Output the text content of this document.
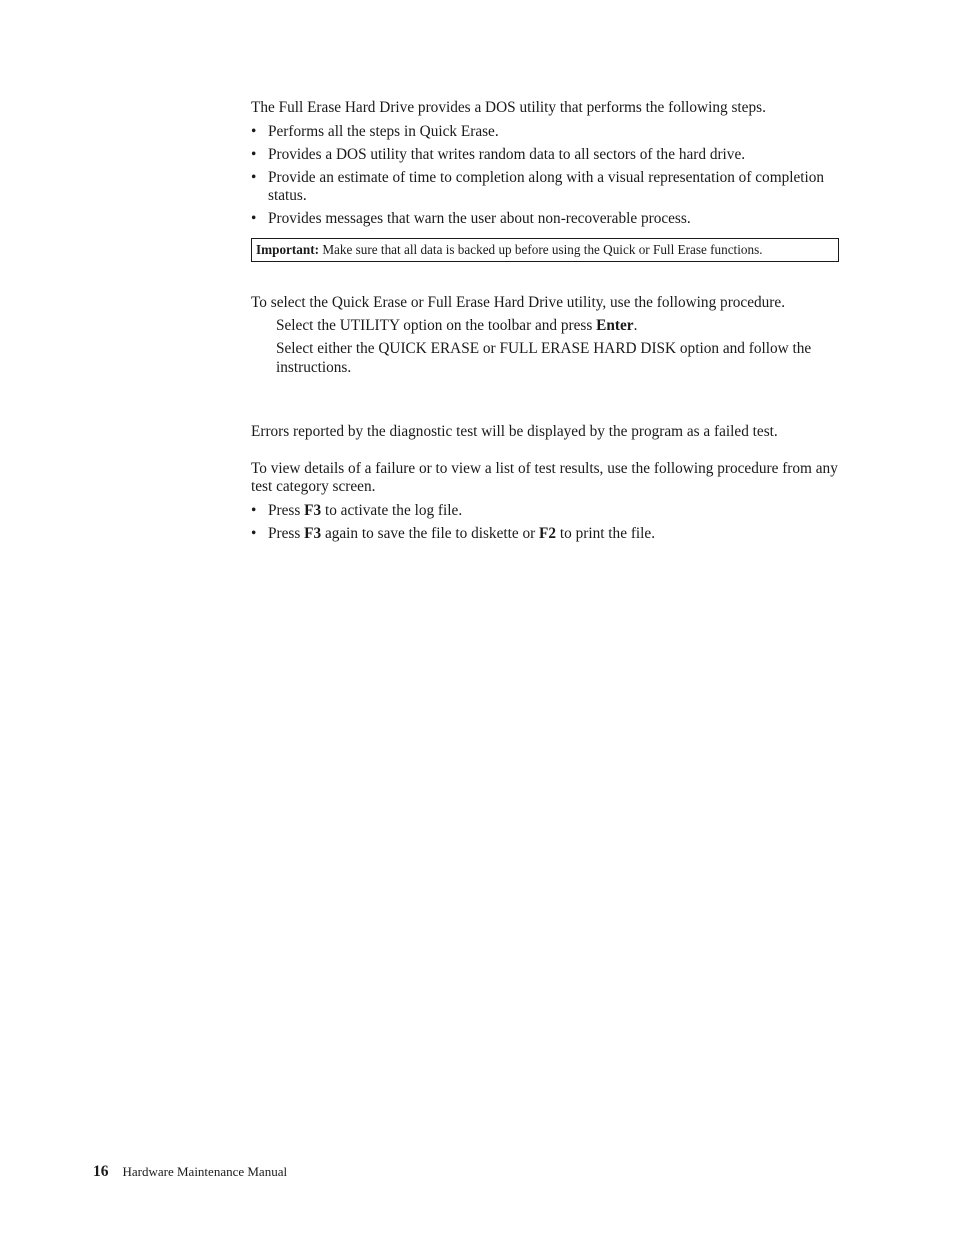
The Full Erase Hard Drive provides a DOS utility that performs the following steps.

• Performs all the steps in Quick Erase.
• Provides a DOS utility that writes random data to all sectors of the hard drive.
• Provide an estimate of time to completion along with a visual representation of completion status.
• Provides messages that warn the user about non-recoverable process.
Important: Make sure that all data is backed up before using the Quick or Full Erase functions.

To select the Quick Erase or Full Erase Hard Drive utility, use the following procedure.

Select the UTILITY option on the toolbar and press Enter.

Select either the QUICK ERASE or FULL ERASE HARD DISK option and follow the instructions.

Errors reported by the diagnostic test will be displayed by the program as a failed test.

To view details of a failure or to view a list of test results, use the following procedure from any test category screen.

• Press F3 to activate the log file.
• Press F3 again to save the file to diskette or F2 to print the file.
16 Hardware Maintenance Manual
